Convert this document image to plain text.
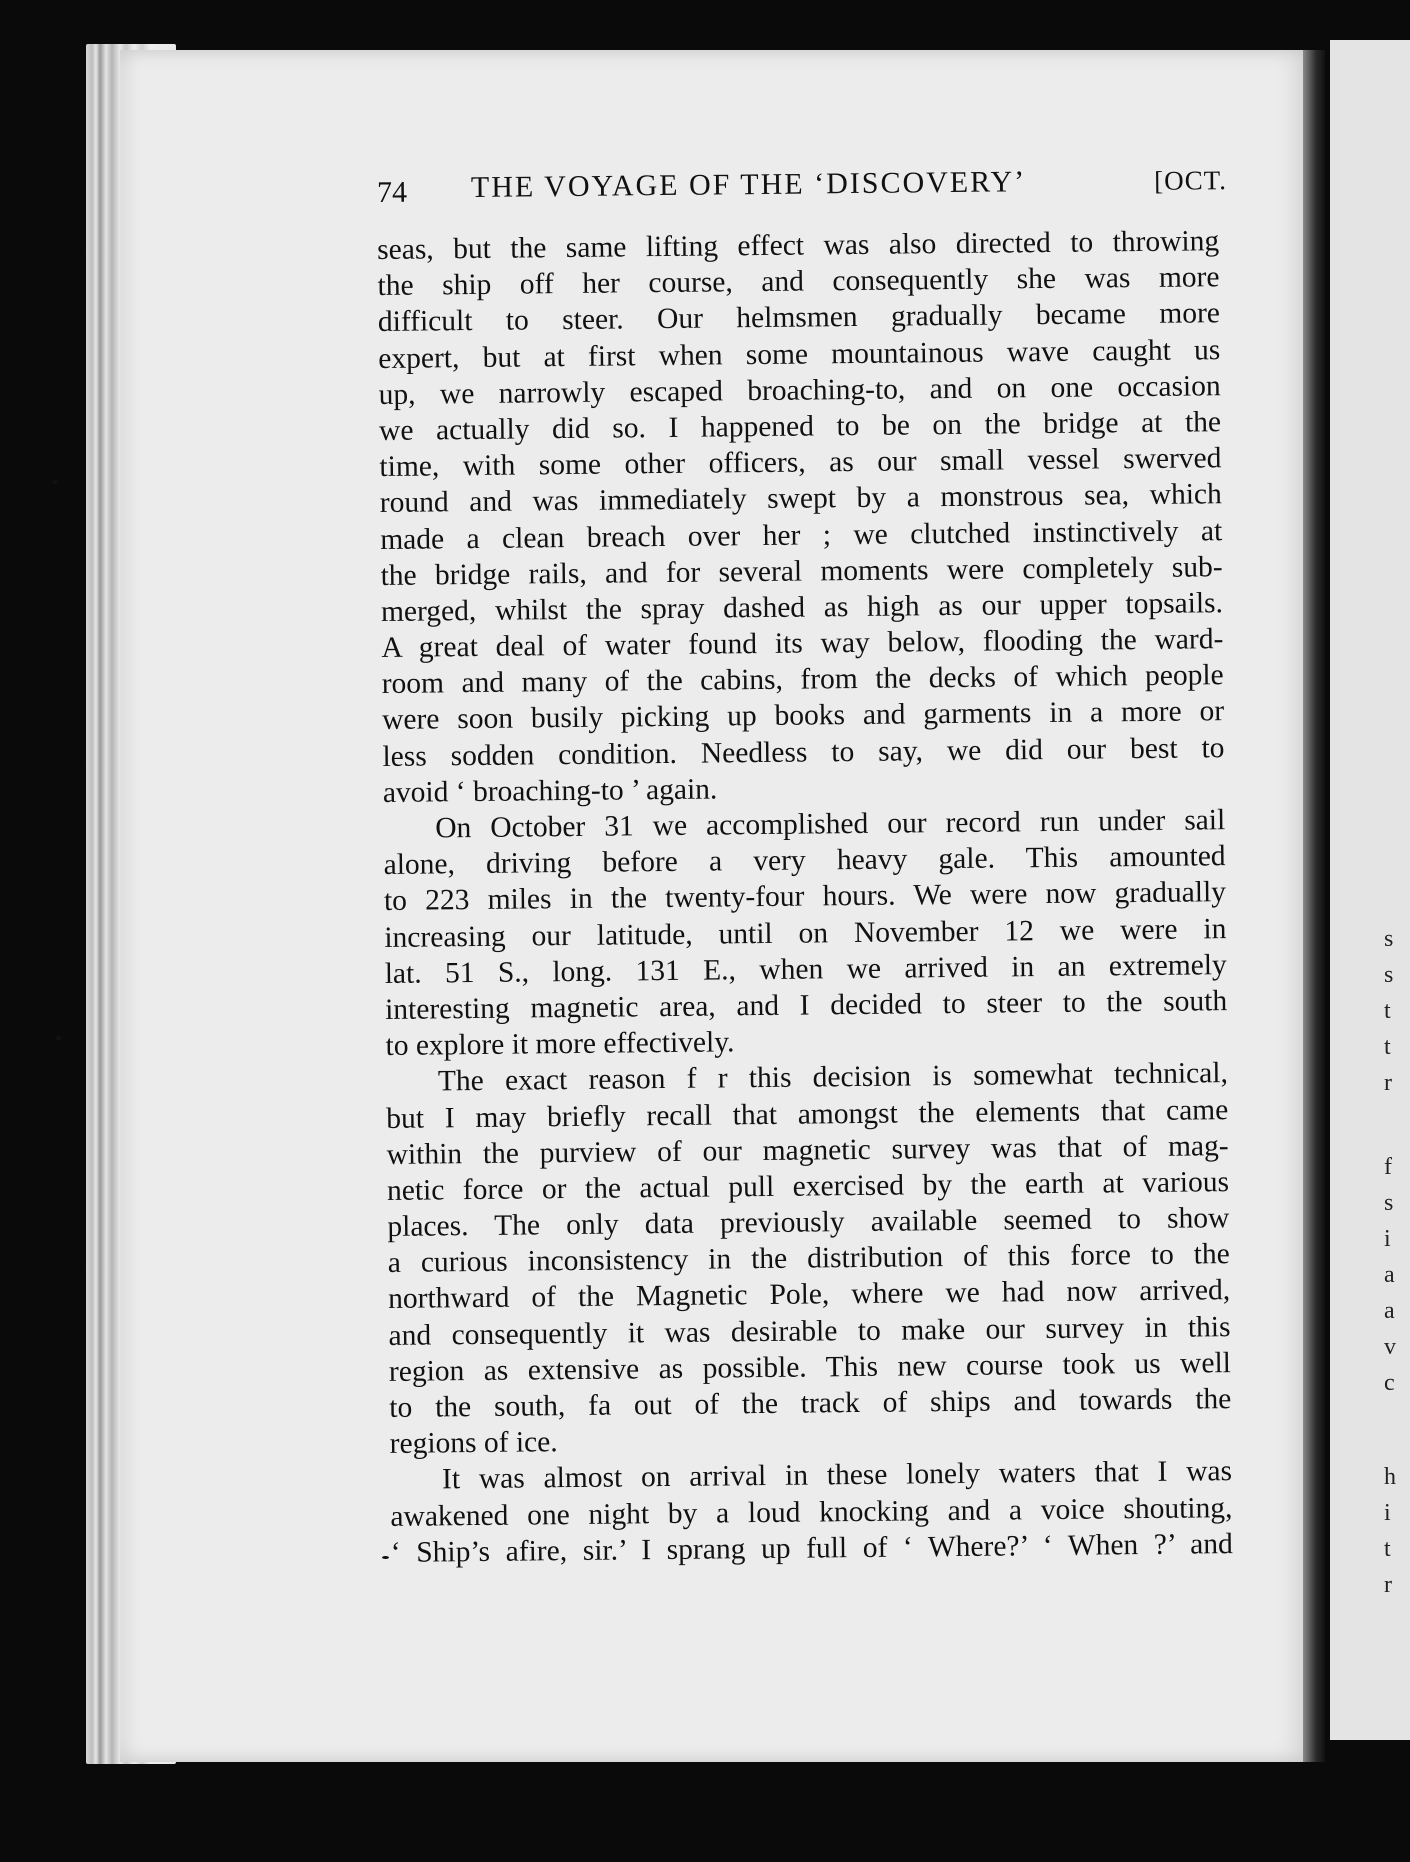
s
s
t
t
r
f
s
i
a
a
v
c
h
i
t
r
74 THE VOYAGE OF THE ‘DISCOVERY’	[OCT.
seas, but the same lifting effect was also directed to throwing
the ship off her course, and consequently she was more
difficult to steer. Our helmsmen gradually became more
expert, but at first when some mountainous wave caught us
up, we narrowly escaped broaching-to, and on one occasion
we actually did so. I happened to be on the bridge at the
time, with some other officers, as our small vessel swerved
round and was immediately swept by a monstrous sea, which
made a clean breach over her ; we clutched instinctively at
the bridge rails, and for several moments were completely sub-
merged, whilst the spray dashed as high as our upper topsails.
A great deal of water found its way below, flooding the ward-
room and many of the cabins, from the decks of which people
were soon busily picking up books and garments in a more or
less sodden condition. Needless to say, we did our best to
avoid ‘ broaching-to ’ again.
On October 31 we accomplished our record run under sail
alone, driving before a very heavy gale. This amounted
to 223 miles in the twenty-four hours. We were now gradually
increasing our latitude, until on November 12 we were in
lat. 51 S., long. 131 E., when we arrived in an extremely
interesting magnetic area, and I decided to steer to the south
to explore it more effectively.
The exact reason f r this decision is somewhat technical,
but I may briefly recall that amongst the elements that came
within the purview of our magnetic survey was that of mag-
netic force or the actual pull exercised by the earth at various
places. The only data previously available seemed to show
a curious inconsistency in the distribution of this force to the
northward of the Magnetic Pole, where we had now arrived,
and consequently it was desirable to make our survey in this
region as extensive as possible. This new course took us well
to the south, fa out of the track of ships and towards the
regions of ice.
It was almost on arrival in these lonely waters that I was
awakened one night by a loud knocking and a voice shouting,
‘ Ship’s afire, sir.’ I sprang up full of ‘ Where?’ ‘ When ?’ and
